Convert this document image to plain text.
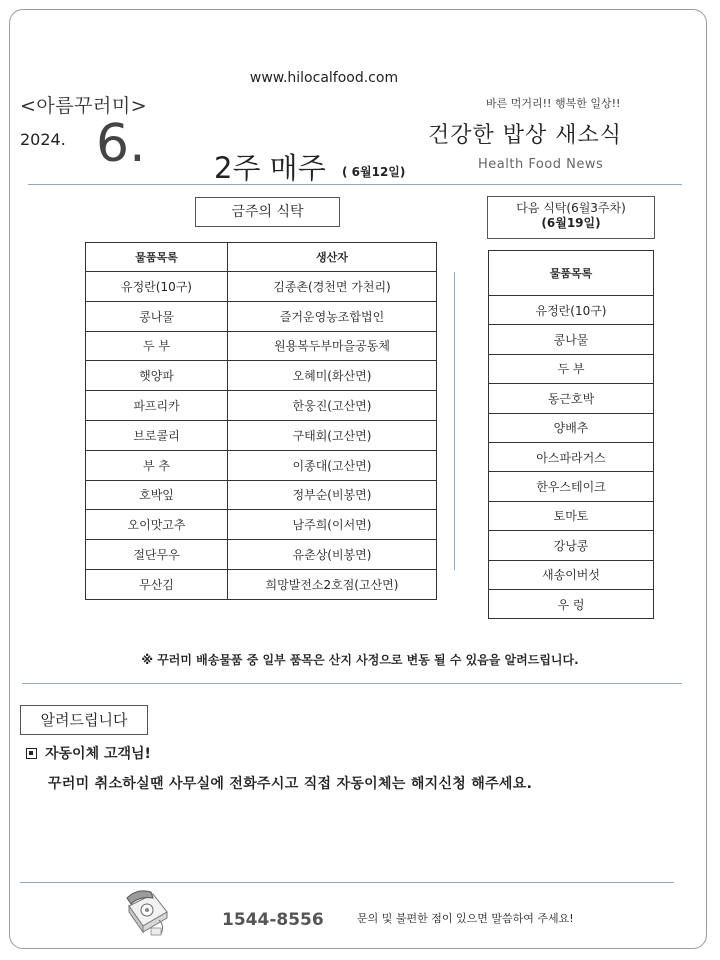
www.hilocalfood.com
<아름꾸러미>
2024. 6. 2주 매주 ( 6월12일)
바른 먹거리!! 행복한 일상!!
건강한 밥상 새소식
Health Food News
금주의 식탁	다음 식탁(6월3주차)
(6월19일)
물품목록	생산자
유정란(10구)	김종촌(경천면 가천리)
콩나물	즐거운영농조합법인
두 부	원용복두부마을공동체
햇양파	오혜미(화산면)
파프리카	한웅진(고산면)
브로콜리	구태회(고산면)
부 추	이종대(고산면)
호박잎	정부순(비봉면)
오이맛고추	남주희(이서면)
절단무우	유춘상(비봉면)
무산김	희망발전소2호점(고산면)
물품목록
유정란(10구)
콩나물
두 부
동근호박
양배추
아스파라거스
한우스테이크
토마토
강낭콩
새송이버섯
우 렁
※ 꾸러미 배송물품 중 일부 품목은 산지 사정으로 변동 될 수 있음을 알려드립니다.
알려드립니다
자동이체 고객님!
꾸러미 취소하실땐 사무실에 전화주시고 직접 자동이체는 해지신청 해주세요.
1544-8556	문의 및 불편한 점이 있으면 말씀하여 주세요!
